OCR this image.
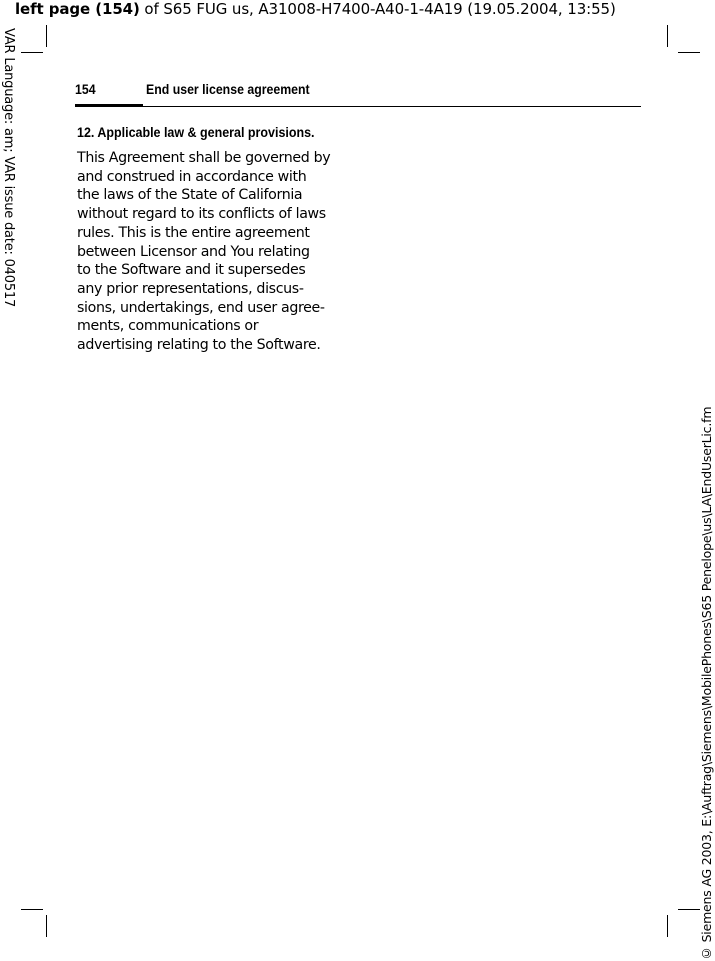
left page (154) of S65 FUG us, A31008-H7400-A40-1-4A19 (19.05.2004, 13:55)
VAR Language: am; VAR issue date: 040517
© Siemens AG 2003, E:\Auftrag\Siemens\MobilePhones\S65 Penelope\us\LA\EndUserLic.fm
154	End user license agreement
12. Applicable law & general provisions.
This Agreement shall be governed by
and construed in accordance with
the laws of the State of California
without regard to its conflicts of laws
rules. This is the entire agreement
between Licensor and You relating
to the Software and it supersedes
any prior representations, discus-
sions, undertakings, end user agree-
ments, communications or
advertising relating to the Software.
